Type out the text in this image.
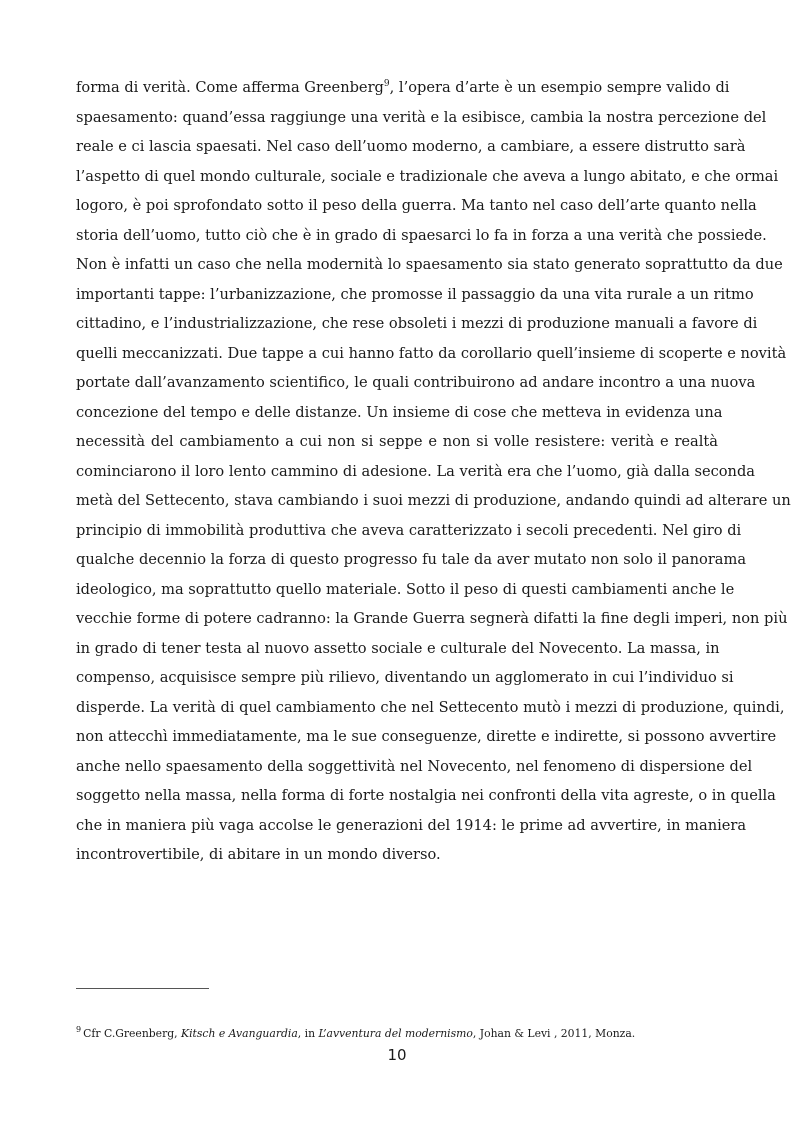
forma di verità. Come afferma Greenberg$^9$, l’opera d’arte è un esempio sempre valido di
spaesamento: quand’essa raggiunge una verità e la esibisce, cambia la nostra percezione del
reale e ci lascia spaesati. Nel caso dell’uomo moderno, a cambiare, a essere distrutto sarà
l’aspetto di quel mondo culturale, sociale e tradizionale che aveva a lungo abitato, e che ormai
logoro, è poi sprofondato sotto il peso della guerra. Ma tanto nel caso dell’arte quanto nella
storia dell’uomo, tutto ciò che è in grado di spaesarci lo fa in forza a una verità che possiede.
Non è infatti un caso che nella modernità lo spaesamento sia stato generato soprattutto da due
importanti tappe: l’urbanizzazione, che promosse il passaggio da una vita rurale a un ritmo
cittadino, e l’industrializzazione, che rese obsoleti i mezzi di produzione manuali a favore di
quelli meccanizzati. Due tappe a cui hanno fatto da corollario quell’insieme di scoperte e novità
portate dall’avanzamento scientifico, le quali contribuirono ad andare incontro a una nuova
concezione del tempo e delle distanze. Un insieme di cose che metteva in evidenza una
necessità del cambiamento a cui non si seppe e non si volle resistere: verità e realtà
cominciarono il loro lento cammino di adesione. La verità era che l’uomo, già dalla seconda
metà del Settecento, stava cambiando i suoi mezzi di produzione, andando quindi ad alterare un
principio di immobilità produttiva che aveva caratterizzato i secoli precedenti. Nel giro di
qualche decennio la forza di questo progresso fu tale da aver mutato non solo il panorama
ideologico, ma soprattutto quello materiale. Sotto il peso di questi cambiamenti anche le
vecchie forme di potere cadranno: la Grande Guerra segnerà difatti la fine degli imperi, non più
in grado di tener testa al nuovo assetto sociale e culturale del Novecento. La massa, in
compenso, acquisisce sempre più rilievo, diventando un agglomerato in cui l’individuo si
disperde. La verità di quel cambiamento che nel Settecento mutò i mezzi di produzione, quindi,
non attecchì immediatamente, ma le sue conseguenze, dirette e indirette, si possono avvertire
anche nello spaesamento della soggettività nel Novecento, nel fenomeno di dispersione del
soggetto nella massa, nella forma di forte nostalgia nei confronti della vita agreste, o in quella
che in maniera più vaga accolse le generazioni del 1914: le prime ad avvertire, in maniera
incontrovertibile, di abitare in un mondo diverso.
$^9$ Cfr C.Greenberg, Kitsch e Avanguardia, in L’avventura del modernismo, Johan & Levi , 2011, Monza.
10
